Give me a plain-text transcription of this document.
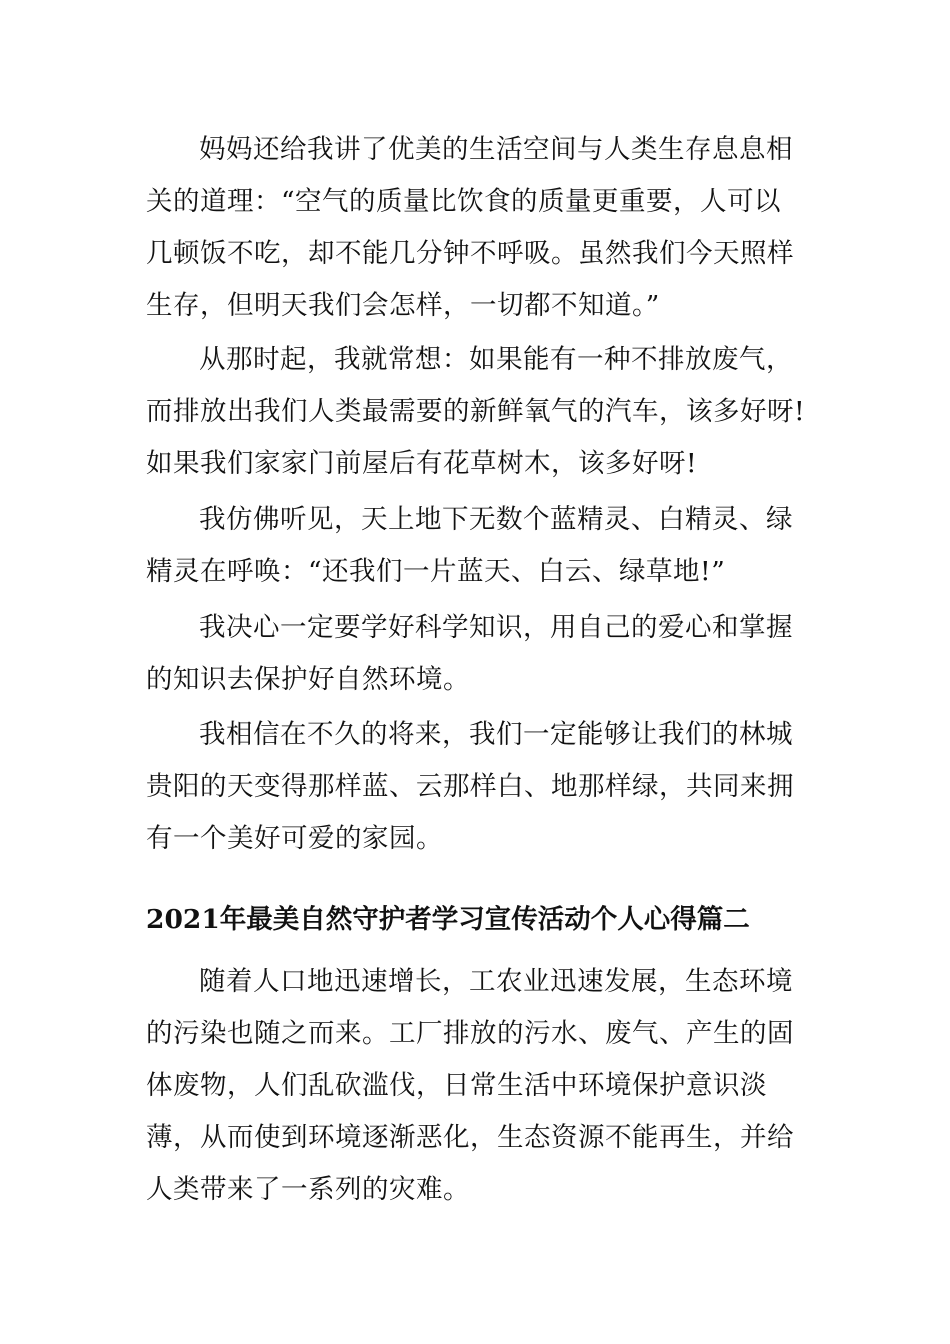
妈妈还给我讲了优美的生活空间与人类生存息息相关的道理：“空气的质量比饮食的质量更重要，人可以几顿饭不吃，却不能几分钟不呼吸。虽然我们今天照样生存，但明天我们会怎样，一切都不知道。”

从那时起，我就常想：如果能有一种不排放废气，而排放出我们人类最需要的新鲜氧气的汽车，该多好呀!如果我们家家门前屋后有花草树木，该多好呀!

我仿佛听见，天上地下无数个蓝精灵、白精灵、绿精灵在呼唤：“还我们一片蓝天、白云、绿草地!”

我决心一定要学好科学知识，用自己的爱心和掌握的知识去保护好自然环境。

我相信在不久的将来，我们一定能够让我们的林城贵阳的天变得那样蓝、云那样白、地那样绿，共同来拥有一个美好可爱的家园。

2021年最美自然守护者学习宣传活动个人心得篇二

随着人口地迅速增长，工农业迅速发展，生态环境的污染也随之而来。工厂排放的污水、废气、产生的固体废物，人们乱砍滥伐，日常生活中环境保护意识淡薄，从而使到环境逐渐恶化，生态资源不能再生，并给人类带来了一系列的灾难。
